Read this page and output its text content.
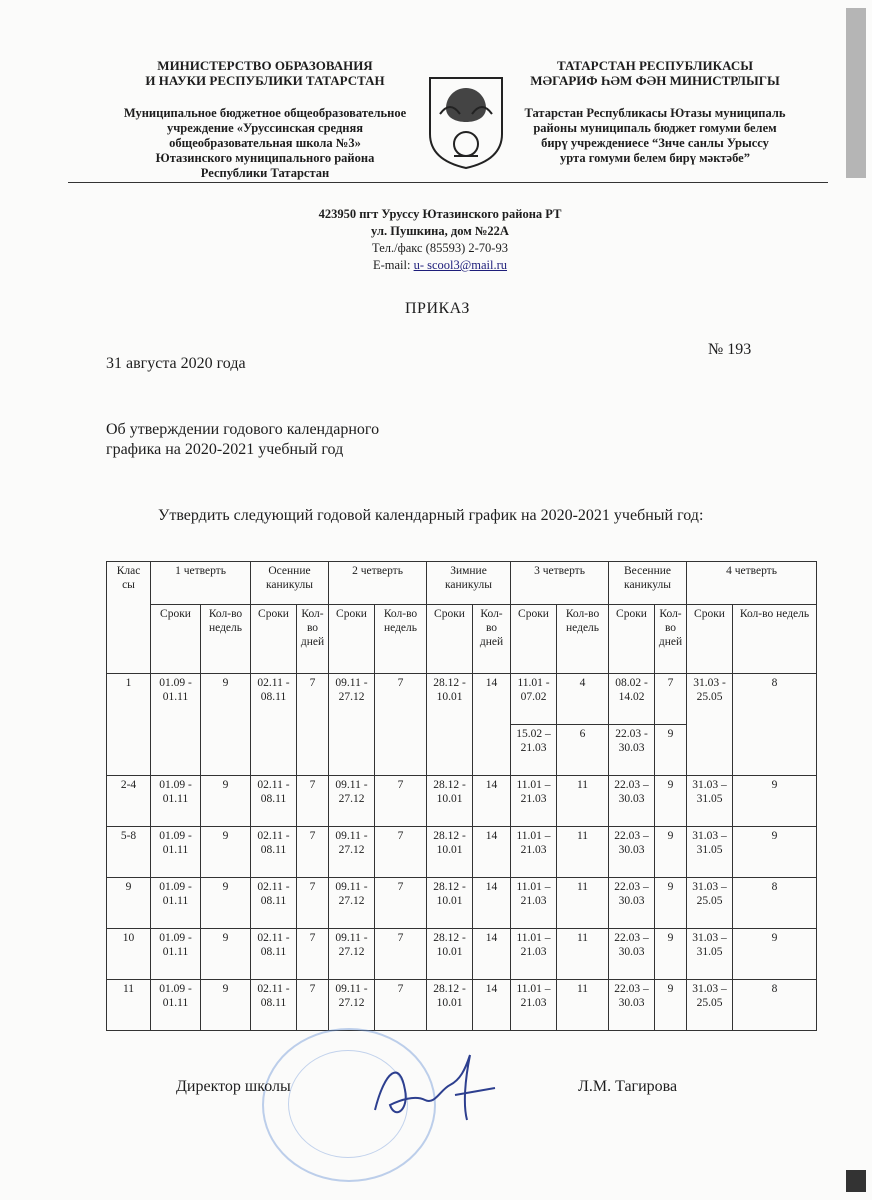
МИНИСТЕРСТВО ОБРАЗОВАНИЯ
И НАУКИ РЕСПУБЛИКИ ТАТАРСТАН
Муниципальное бюджетное общеобразовательное
учреждение «Уруссинская средняя
общеобразовательная школа №3»
Ютазинского муниципального района
Республики Татарстан
ТАТАРСТАН РЕСПУБЛИКАСЫ
МӘГАРИФ ҺӘМ ФӘН МИНИСТРЛЫГЫ
Татарстан Республикасы Ютазы муниципаль
районы муниципаль бюджет гомуми белем
бирү учреждениесе “Знче санлы Урыссу
урта гомуми белем бирү мәктәбе”
423950 пгт Уруссу Ютазинского района РТ
ул. Пушкина, дом №22А
Тел./факс (85593) 2-70-93
E-mail: u- scool3@mail.ru
ПРИКАЗ
31 августа 2020 года
№ 193
Об утверждении годового календарного
графика на 2020-2021 учебный год
Утвердить следующий годовой календарный график на 2020-2021 учебный год:
Клас сы	1 четверть		Осенние каникулы		2 четверть		Зимние каникулы		3 четверть		Весенние каникулы		4 четверть	
	Сроки	Кол-во недель	Сроки	Кол-во дней	Сроки	Кол-во недель	Сроки	Кол-во дней	Сроки	Кол-во недель	Сроки	Кол-во дней	Сроки	Кол-во недель
1	01.09 - 01.11	9	02.11 - 08.11	7	09.11 - 27.12	7	28.12 - 10.01	14	11.01 - 07.02	4	08.02 - 14.02	7	31.03 - 25.05	8
									15.02 – 21.03	6	22.03 - 30.03	9		
2-4	01.09 - 01.11	9	02.11 - 08.11	7	09.11 - 27.12	7	28.12 - 10.01	14	11.01 – 21.03	11	22.03 – 30.03	9	31.03 – 31.05	9
5-8	01.09 - 01.11	9	02.11 - 08.11	7	09.11 - 27.12	7	28.12 - 10.01	14	11.01 – 21.03	11	22.03 – 30.03	9	31.03 – 31.05	9
9	01.09 - 01.11	9	02.11 - 08.11	7	09.11 - 27.12	7	28.12 - 10.01	14	11.01 – 21.03	11	22.03 – 30.03	9	31.03 – 25.05	8
10	01.09 - 01.11	9	02.11 - 08.11	7	09.11 - 27.12	7	28.12 - 10.01	14	11.01 – 21.03	11	22.03 – 30.03	9	31.03 – 31.05	9
11	01.09 - 01.11	9	02.11 - 08.11	7	09.11 - 27.12	7	28.12 - 10.01	14	11.01 – 21.03	11	22.03 – 30.03	9	31.03 – 25.05	8
Директор школы	Л.М. Тагирова
